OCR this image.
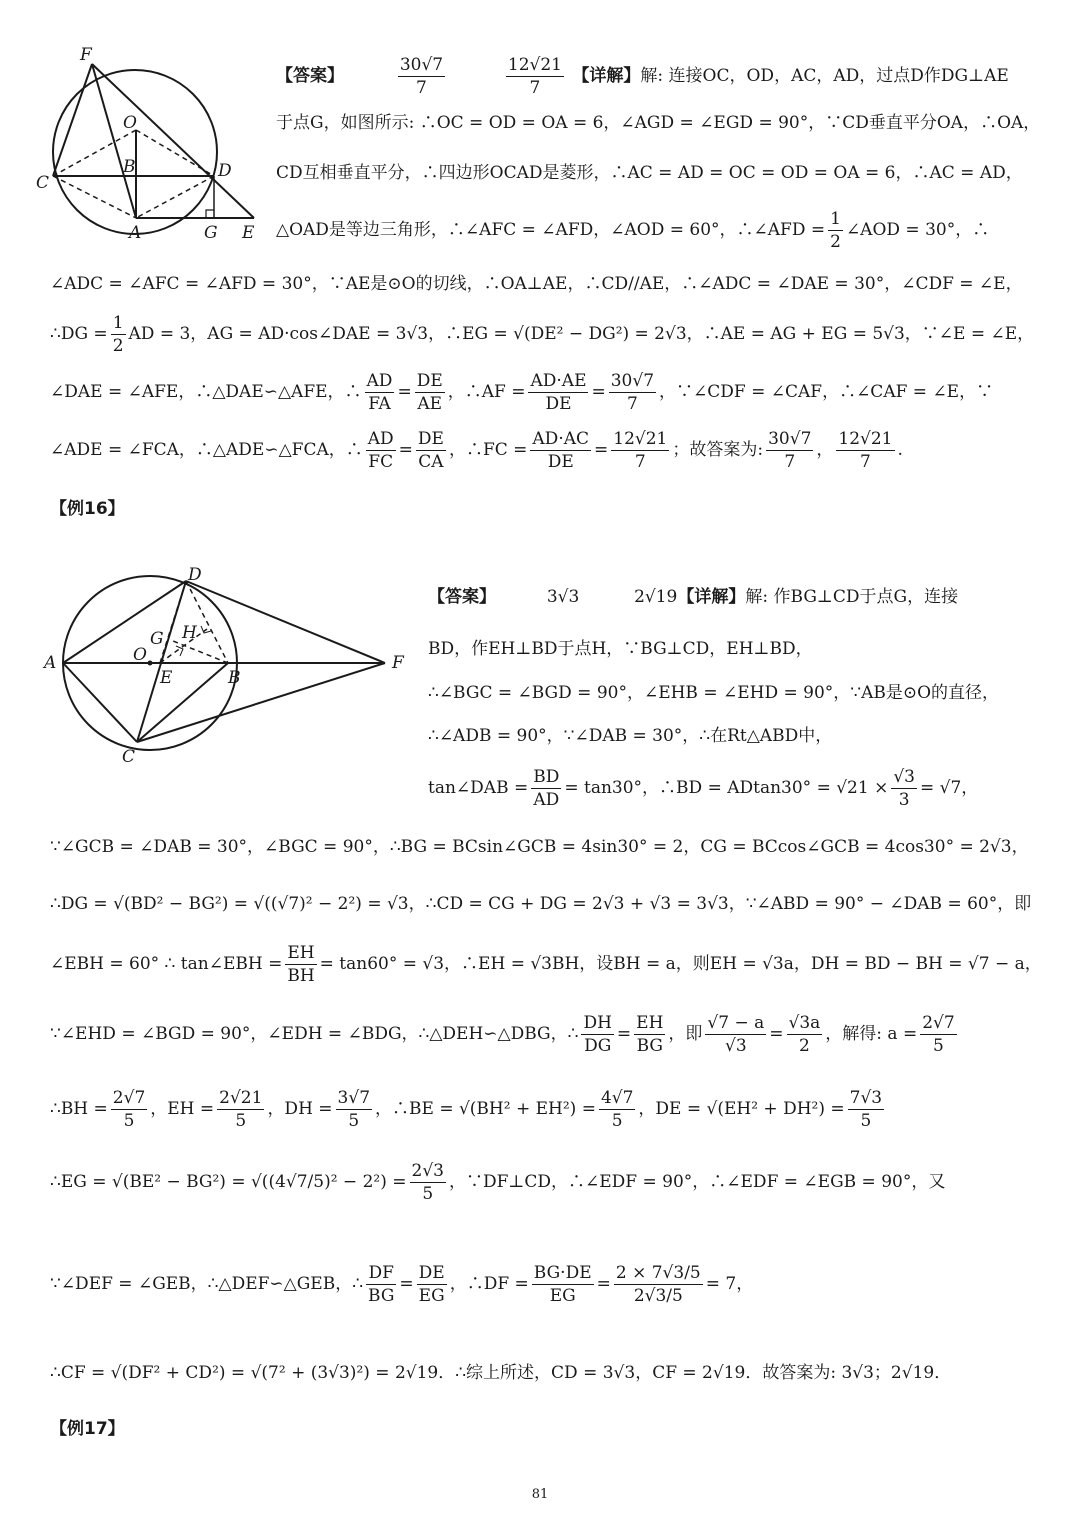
F
O
B
C
D
A	G E
【答案】	$\frac{30√7}{7}$
	$\frac{12√21}{7}$ 【详解】解: 连接OC，OD，AC，AD，过点D作DG⊥AE
于点G，如图所示: ∴OC = OD = OA = 6，∠AGD = ∠EGD = 90°，∵CD垂直平分OA，∴OA，
CD互相垂直平分，∴四边形OCAD是菱形，∴AC = AD = OC = OD = OA = 6，∴AC = AD，
△OAD是等边三角形，∴∠AFC = ∠AFD，∠AOD = 60°，∴∠AFD = $\frac{1}{2}$ ∠AOD = 30°，∴
∠ADC = ∠AFC = ∠AFD = 30°，∵AE是⊙O的切线，∴OA⊥AE，∴CD//AE，∴∠ADC = ∠DAE = 30°，∠CDF = ∠E，
∴DG = $\frac{1}{2}$ AD = 3，AG = AD·cos∠DAE = 3√3，∴EG = √(DE² − DG²) = 2√3，∴AE = AG + EG = 5√3，∵∠E = ∠E，
∠DAE = ∠AFE，∴△DAE∽△AFE，∴ $\frac{AD}{FA} = \frac{DE}{AE}$ ，∴AF = $\frac{AD\cdot AE}{DE} = \frac{30√7}{7}$ ，∵∠CDF = ∠CAF，∴∠CAF = ∠E，∵
∠ADE = ∠FCA，∴△ADE∽△FCA，∴ $\frac{AD}{FC} = \frac{DE}{CA}$ ，∴FC = $\frac{AD\cdot AC}{DE} = \frac{12√21}{7}$ ；故答案为: $\frac{30√7}{7}$ ， $\frac{12√21}{7}$ .
【例16】
D
A	O
G H
E	B
F
C
【答案】	3√3	2√19【详解】解: 作BG⊥CD于点G，连接
BD，作EH⊥BD于点H，∵BG⊥CD，EH⊥BD，
∴∠BGC = ∠BGD = 90°，∠EHB = ∠EHD = 90°，∵AB是⊙O的直径，
∴∠ADB = 90°，∵∠DAB = 30°，∴在Rt△ABD中，
tan∠DAB = $\frac{BD}{AD} = \tan 30^\circ$，∴BD = $ADtan30^\circ = √21 \times \frac{√3}{3} = √7$，
∵∠GCB = ∠DAB = 30°，∠BGC = 90°，∴BG = BCsin∠GCB = 4sin30° = 2，CG = BCcos∠GCB = 4cos30° = 2√3，
∴DG = √(BD² − BG²) = √((√7)² − 2²) = √3，∴CD = CG + DG = 2√3 + √3 = 3√3，∵∠ABD = 90° − ∠DAB = 60°，即
∠EBH = 60° ∴ tan∠EBH = $\frac{EH}{BH} = \tan 60^\circ = √3$，∴EH = √3BH，设BH = a，则EH = √3a，DH = BD − BH = √7 − a，
∵∠EHD = ∠BGD = 90°，∠EDH = ∠BDG，∴△DEH∽△DBG，∴ $\frac{DH}{DG} = \frac{EH}{BG}$ ，即 $\frac{√7 - a}{√3} = \frac{√3a}{2}$ ，解得: $a = \frac{2√7}{5}$
∴BH = $\frac{2√7}{5}$ ，EH = $\frac{2√21}{5}$ ，DH = $\frac{3√7}{5}$ ，∴BE = $√(BH^2 + EH^2) = \frac{4√7}{5}$ ，DE = $√(EH^2 + DH^2) = \frac{7√3}{5}$
∴EG = $√(BE^2 - BG^2) = √((4√7/5)^2 - 2^2) = \frac{2√3}{5}$ ，∵DF⊥CD，∴∠EDF = 90°，∴∠EDF = ∠EGB = 90°，又
∵∠DEF = ∠GEB，∴△DEF∽△GEB，∴ $\frac{DF}{BG} = \frac{DE}{EG}$ ，∴DF = $\frac{BG\cdot DE}{EG} = \frac{2 \times 7√3/5}{2√3/5} = 7$，
∴CF = √(DF² + CD²) = √(7² + (3√3)²) = 2√19．∴综上所述，CD = 3√3，CF = 2√19．故答案为: 3√3；2√19．
【例17】
81
